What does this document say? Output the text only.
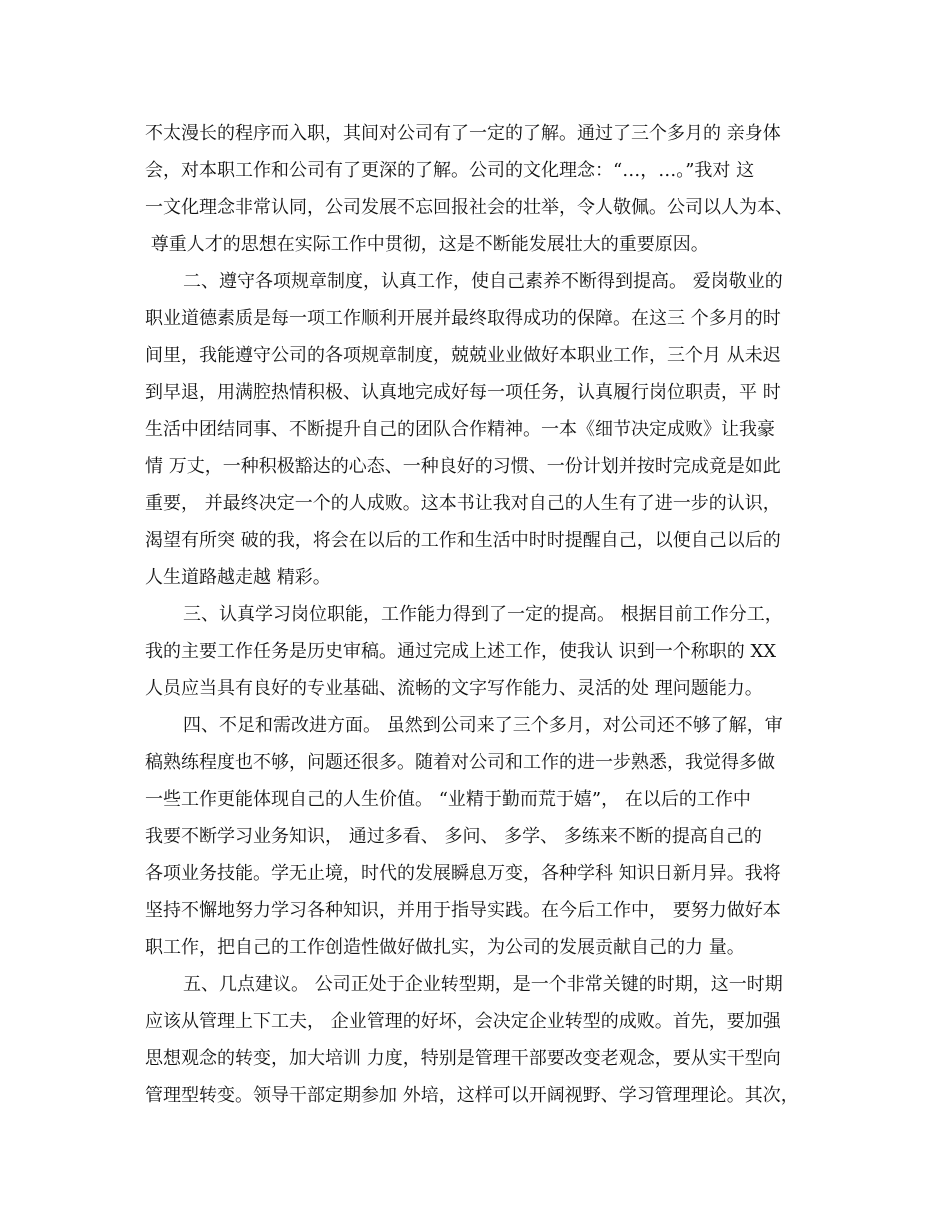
不太漫长的程序而入职，其间对公司有了一定的了解。通过了三个多月的 亲身体
会，对本职工作和公司有了更深的了解。公司的文化理念：“…，…。”我对 这
一文化理念非常认同，公司发展不忘回报社会的壮举，令人敬佩。公司以人为本、
尊重人才的思想在实际工作中贯彻，这是不断能发展壮大的重要原因。
二、遵守各项规章制度，认真工作，使自己素养不断得到提高。 爱岗敬业的
职业道德素质是每一项工作顺利开展并最终取得成功的保障。在这三 个多月的时
间里，我能遵守公司的各项规章制度，兢兢业业做好本职业工作，三个月 从未迟
到早退，用满腔热情积极、认真地完成好每一项任务，认真履行岗位职责，平 时
生活中团结同事、不断提升自己的团队合作精神。一本《细节决定成败》让我豪
情 万丈，一种积极豁达的心态、一种良好的习惯、一份计划并按时完成竟是如此
重要， 并最终决定一个的人成败。这本书让我对自己的人生有了进一步的认识，
渴望有所突 破的我，将会在以后的工作和生活中时时提醒自己，以便自己以后的
人生道路越走越 精彩。
三、认真学习岗位职能，工作能力得到了一定的提高。 根据目前工作分工，
我的主要工作任务是历史审稿。通过完成上述工作，使我认 识到一个称职的 XX
人员应当具有良好的专业基础、流畅的文字写作能力、灵活的处 理问题能力。
四、不足和需改进方面。 虽然到公司来了三个多月，对公司还不够了解，审
稿熟练程度也不够，问题还很多。随着对公司和工作的进一步熟悉，我觉得多做
一些工作更能体现自己的人生价值。 “业精于勤而荒于嬉”， 在以后的工作中
我要不断学习业务知识， 通过多看、 多问、 多学、 多练来不断的提高自己的
各项业务技能。学无止境，时代的发展瞬息万变，各种学科 知识日新月异。我将
坚持不懈地努力学习各种知识，并用于指导实践。在今后工作中， 要努力做好本
职工作，把自己的工作创造性做好做扎实，为公司的发展贡献自己的力 量。
五、几点建议。 公司正处于企业转型期，是一个非常关键的时期，这一时期
应该从管理上下工夫， 企业管理的好坏，会决定企业转型的成败。首先，要加强
思想观念的转变，加大培训 力度，特别是管理干部要改变老观念，要从实干型向
管理型转变。领导干部定期参加 外培，这样可以开阔视野、学习管理理论。其次，
